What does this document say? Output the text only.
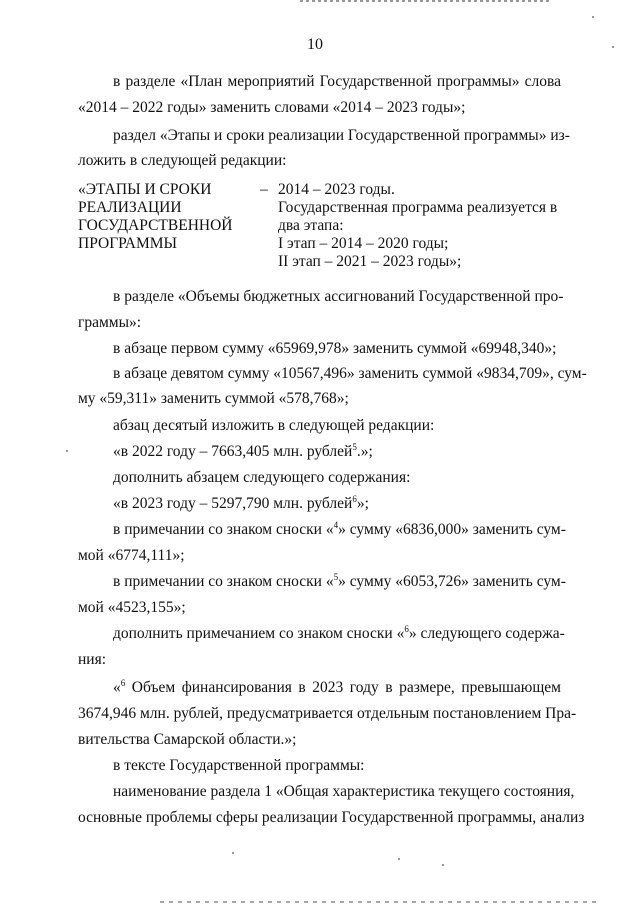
10
в разделе «План мероприятий Государственной программы» слова
«2014 – 2022 годы» заменить словами «2014 – 2023 годы»;
раздел «Этапы и сроки реализации Государственной программы» из-
ложить в следующей редакции:
«ЭТАПЫ И СРОКИ
РЕАЛИЗАЦИИ
ГОСУДАРСТВЕННОЙ
ПРОГРАММЫ
– 2014 – 2023 годы.
Государственная программа реализуется в
два этапа:
I этап – 2014 – 2020 годы;
II этап – 2021 – 2023 годы»;
в разделе «Объемы бюджетных ассигнований Государственной про-
граммы»:
в абзаце первом сумму «65969,978» заменить суммой «69948,340»;
в абзаце девятом сумму «10567,496» заменить суммой «9834,709», сум-
му «59,311» заменить суммой «578,768»;
абзац десятый изложить в следующей редакции:
«в 2022 году – 7663,405 млн. рублей$^5$.»;
дополнить абзацем следующего содержания:
«в 2023 году – 5297,790 млн. рублей$^6$»;
в примечании со знаком сноски «$^4$» сумму «6836,000» заменить сум-
мой «6774,111»;
в примечании со знаком сноски «$^5$» сумму «6053,726» заменить сум-
мой «4523,155»;
дополнить примечанием со знаком сноски «$^6$» следующего содержа-
ния:
«$^6$ Объем финансирования в 2023 году в размере, превышающем
3674,946 млн. рублей, предусматривается отдельным постановлением Пра-
вительства Самарской области.»;
в тексте Государственной программы:
наименование раздела 1 «Общая характеристика текущего состояния,
основные проблемы сферы реализации Государственной программы, анализ
